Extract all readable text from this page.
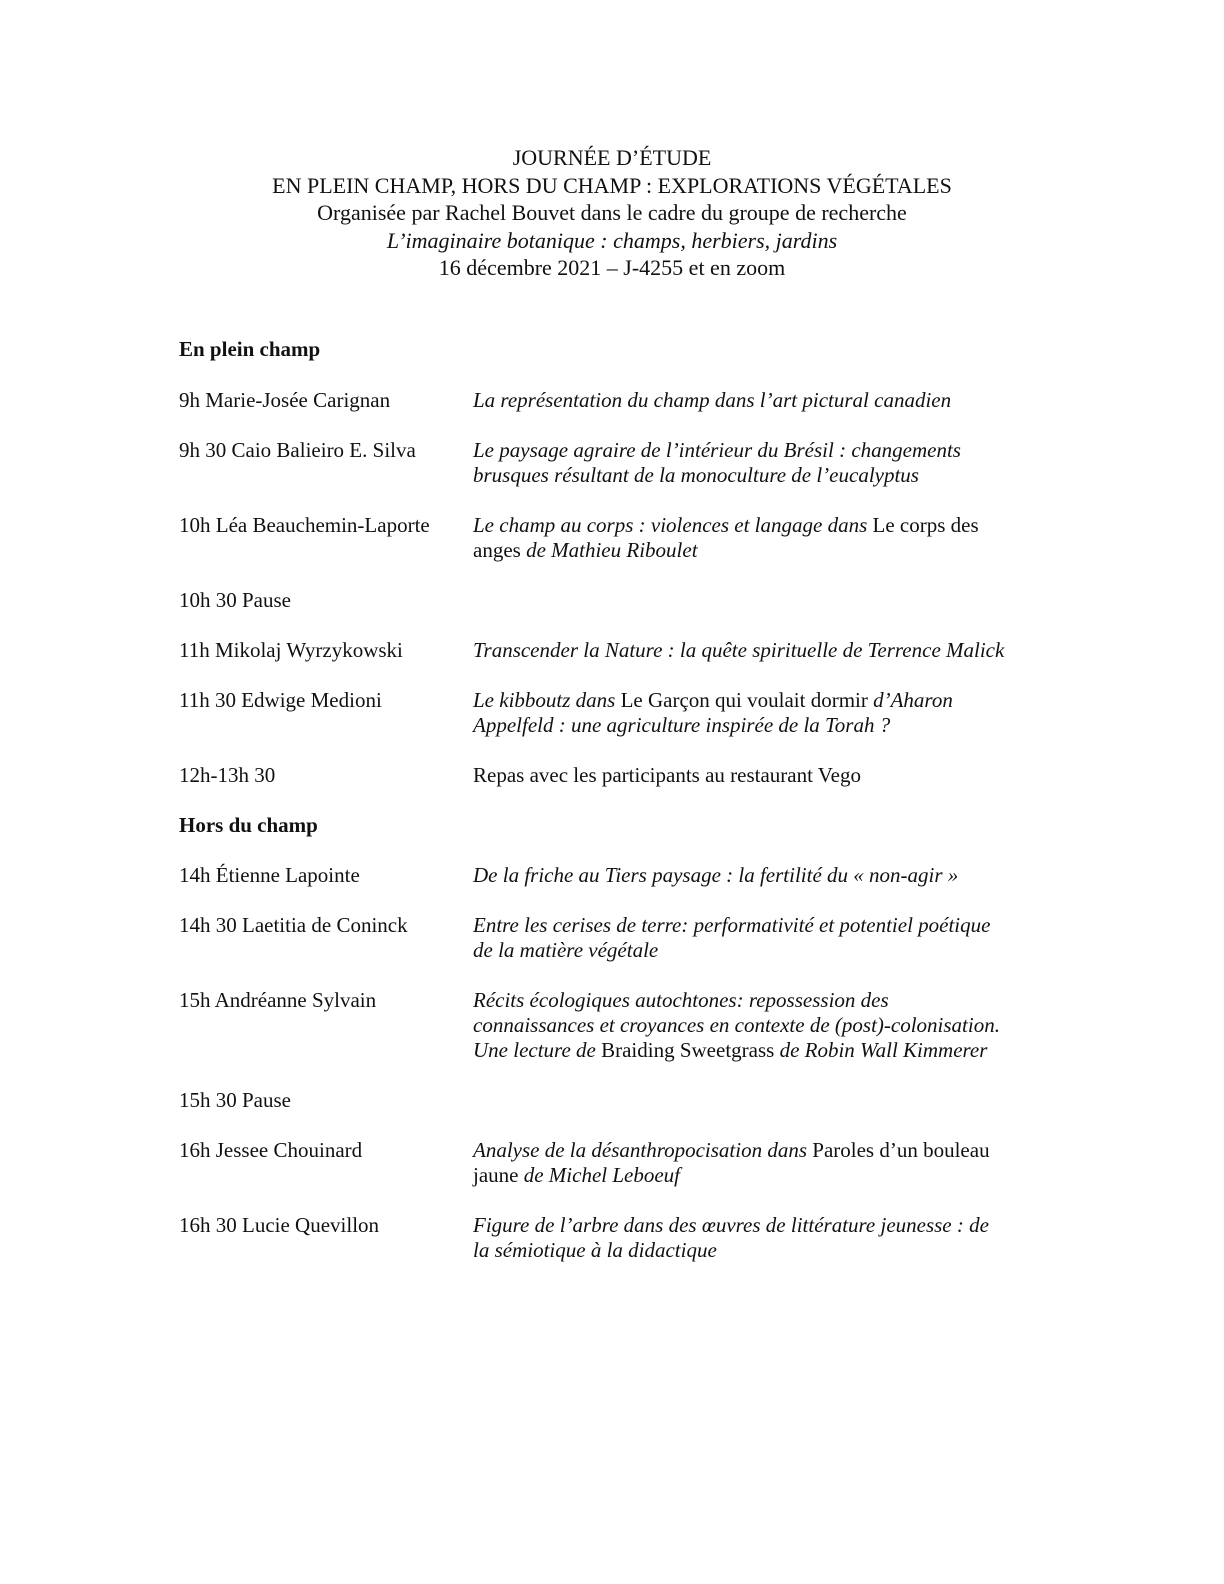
JOURNÉE D’ÉTUDE
EN PLEIN CHAMP, HORS DU CHAMP : EXPLORATIONS VÉGÉTALES
Organisée par Rachel Bouvet dans le cadre du groupe de recherche
L’imaginaire botanique : champs, herbiers, jardins
16 décembre 2021 – J-4255 et en zoom
En plein champ
Hors du champ
9h Marie-Josée Carignan	La représentation du champ dans l’art pictural canadien
9h 30 Caio Balieiro E. Silva	Le paysage agraire de l’intérieur du Brésil : changements
brusques résultant de la monoculture de l’eucalyptus
10h Léa Beauchemin-Laporte	Le champ au corps : violences et langage dans Le corps des
anges de Mathieu Riboulet
10h 30 Pause
11h Mikolaj Wyrzykowski	Transcender la Nature : la quête spirituelle de Terrence Malick
11h 30 Edwige Medioni	Le kibboutz dans Le Garçon qui voulait dormir d’Aharon
Appelfeld : une agriculture inspirée de la Torah ?
12h-13h 30	Repas avec les participants au restaurant Vego
14h Étienne Lapointe	De la friche au Tiers paysage : la fertilité du « non-agir »
14h 30 Laetitia de Coninck	Entre les cerises de terre: performativité et potentiel poétique
de la matière végétale
15h Andréanne Sylvain	Récits écologiques autochtones: repossession des
connaissances et croyances en contexte de (post)-colonisation.
Une lecture de Braiding Sweetgrass de Robin Wall Kimmerer
15h 30 Pause
16h Jessee Chouinard	Analyse de la désanthropocisation dans Paroles d’un bouleau
jaune de Michel Leboeuf
16h 30 Lucie Quevillon	Figure de l’arbre dans des œuvres de littérature jeunesse : de
la sémiotique à la didactique
